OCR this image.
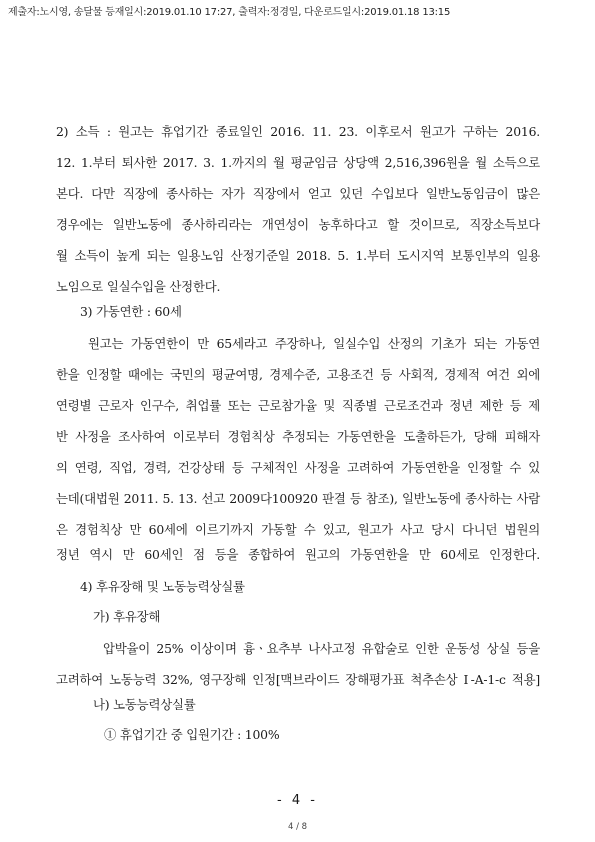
제출자:노시영, 송달물 등재일시:2019.01.10 17:27, 출력자:정경일, 다운로드일시:2019.01.18 13:15
2) 소득 : 원고는 휴업기간 종료일인 2016. 11. 23. 이후로서 원고가 구하는 2016.
12. 1.부터 퇴사한 2017. 3. 1.까지의 월 평균임금 상당액 2,516,396원을 월 소득으로
본다. 다만 직장에 종사하는 자가 직장에서 얻고 있던 수입보다 일반노동임금이 많은
경우에는 일반노동에 종사하리라는 개연성이 농후하다고 할 것이므로, 직장소득보다
월 소득이 높게 되는 일용노임 산정기준일 2018. 5. 1.부터 도시지역 보통인부의 일용
노임으로 일실수입을 산정한다.
3) 가동연한 : 60세
원고는 가동연한이 만 65세라고 주장하나, 일실수입 산정의 기초가 되는 가동연
한을 인정할 때에는 국민의 평균여명, 경제수준, 고용조건 등 사회적, 경제적 여건 외에
연령별 근로자 인구수, 취업률 또는 근로참가율 및 직종별 근로조건과 정년 제한 등 제
반 사정을 조사하여 이로부터 경험칙상 추정되는 가동연한을 도출하든가, 당해 피해자
의 연령, 직업, 경력, 건강상태 등 구체적인 사정을 고려하여 가동연한을 인정할 수 있
는데(대법원 2011. 5. 13. 선고 2009다100920 판결 등 참조), 일반노동에 종사하는 사람
은 경험칙상 만 60세에 이르기까지 가동할 수 있고, 원고가 사고 당시 다니던 법원의
정년 역시 만 60세인 점 등을 종합하여 원고의 가동연한을 만 60세로 인정한다.
4) 후유장해 및 노동능력상실률
가) 후유장해
압박율이 25% 이상이며 흉ㆍ요추부 나사고정 유합술로 인한 운동성 상실 등을
고려하여 노동능력 32%, 영구장해 인정[맥브라이드 장해평가표 척추손상 Ⅰ-A-1-c 적용]
나) 노동능력상실률
① 휴업기간 중 입원기간 : 100%
- 4 -
4 / 8
